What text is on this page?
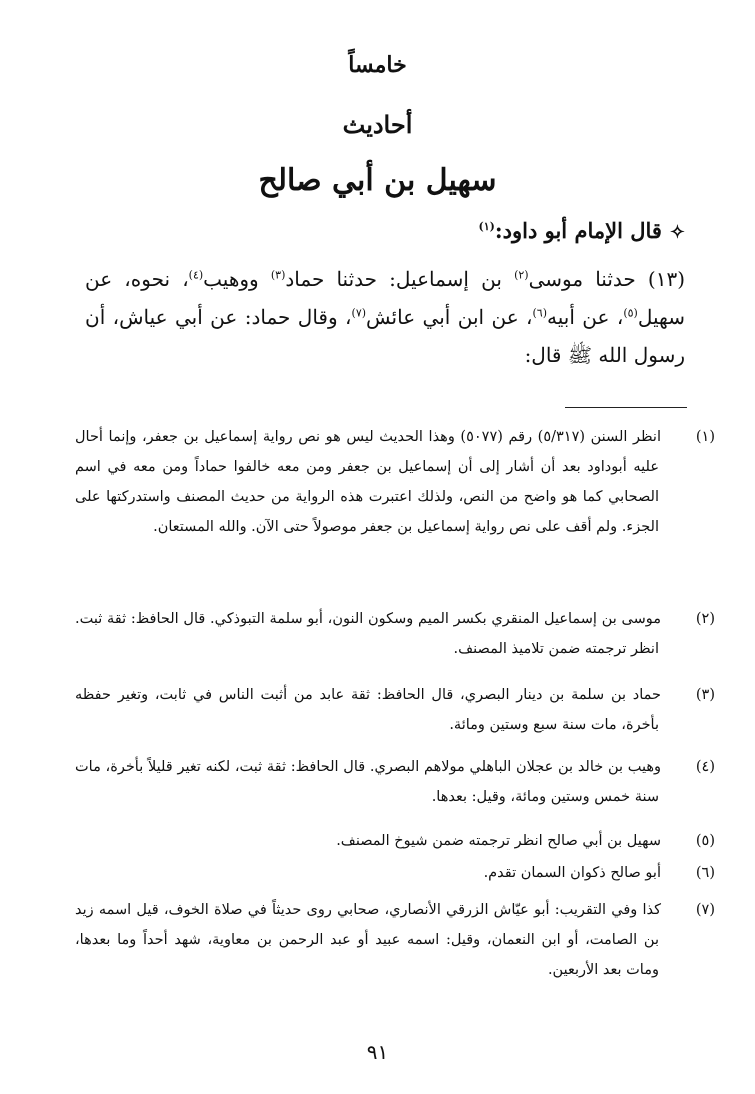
خامساً
أحاديث
سهيل بن أبي صالح

✧قال الإمام أبو داود:$^{(١)}$

(١٣) حدثنا موسى$^{(٢)}$ بن إسماعيل: حدثنا حماد$^{(٣)}$ ووهيب$^{(٤)}$، نحوه، عن سهيل$^{(٥)}$، عن أبيه$^{(٦)}$، عن ابن أبي عائش$^{(٧)}$، وقال حماد: عن أبي عياش، أن رسول الله ﷺ قال:

(١)انظر السنن (٥/٣١٧) رقم (٥٠٧٧) وهذا الحديث ليس هو نص رواية إسماعيل بن جعفر، وإنما أحال عليه أبوداود بعد أن أشار إلى أن إسماعيل بن جعفر ومن معه خالفوا حماداً ومن معه في اسم الصحابي كما هو واضح من النص، ولذلك اعتبرت هذه الرواية من حديث المصنف واستدركتها على الجزء. ولم أقف على نص رواية إسماعيل بن جعفر موصولاً حتى الآن. والله المستعان.

(٢)موسى بن إسماعيل المنقري بكسر الميم وسكون النون، أبو سلمة التبوذكي. قال الحافظ: ثقة ثبت. انظر ترجمته ضمن تلاميذ المصنف.

(٣)حماد بن سلمة بن دينار البصري، قال الحافظ: ثقة عابد من أثبت الناس في ثابت، وتغير حفظه بأخرة، مات سنة سبع وستين ومائة.

(٤)وهيب بن خالد بن عجلان الباهلي مولاهم البصري. قال الحافظ: ثقة ثبت، لكنه تغير قليلاً بأخرة، مات سنة خمس وستين ومائة، وقيل: بعدها.

(٥)سهيل بن أبي صالح انظر ترجمته ضمن شيوخ المصنف.

(٦)أبو صالح ذكوان السمان تقدم.

(٧)كذا وفي التقريب: أبو عيّاش الزرقي الأنصاري، صحابي روى حديثاً في صلاة الخوف، قيل اسمه زيد بن الصامت، أو ابن النعمان، وقيل: اسمه عبيد أو عبد الرحمن بن معاوية، شهد أحداً وما بعدها، ومات بعد الأربعين.

٩١
